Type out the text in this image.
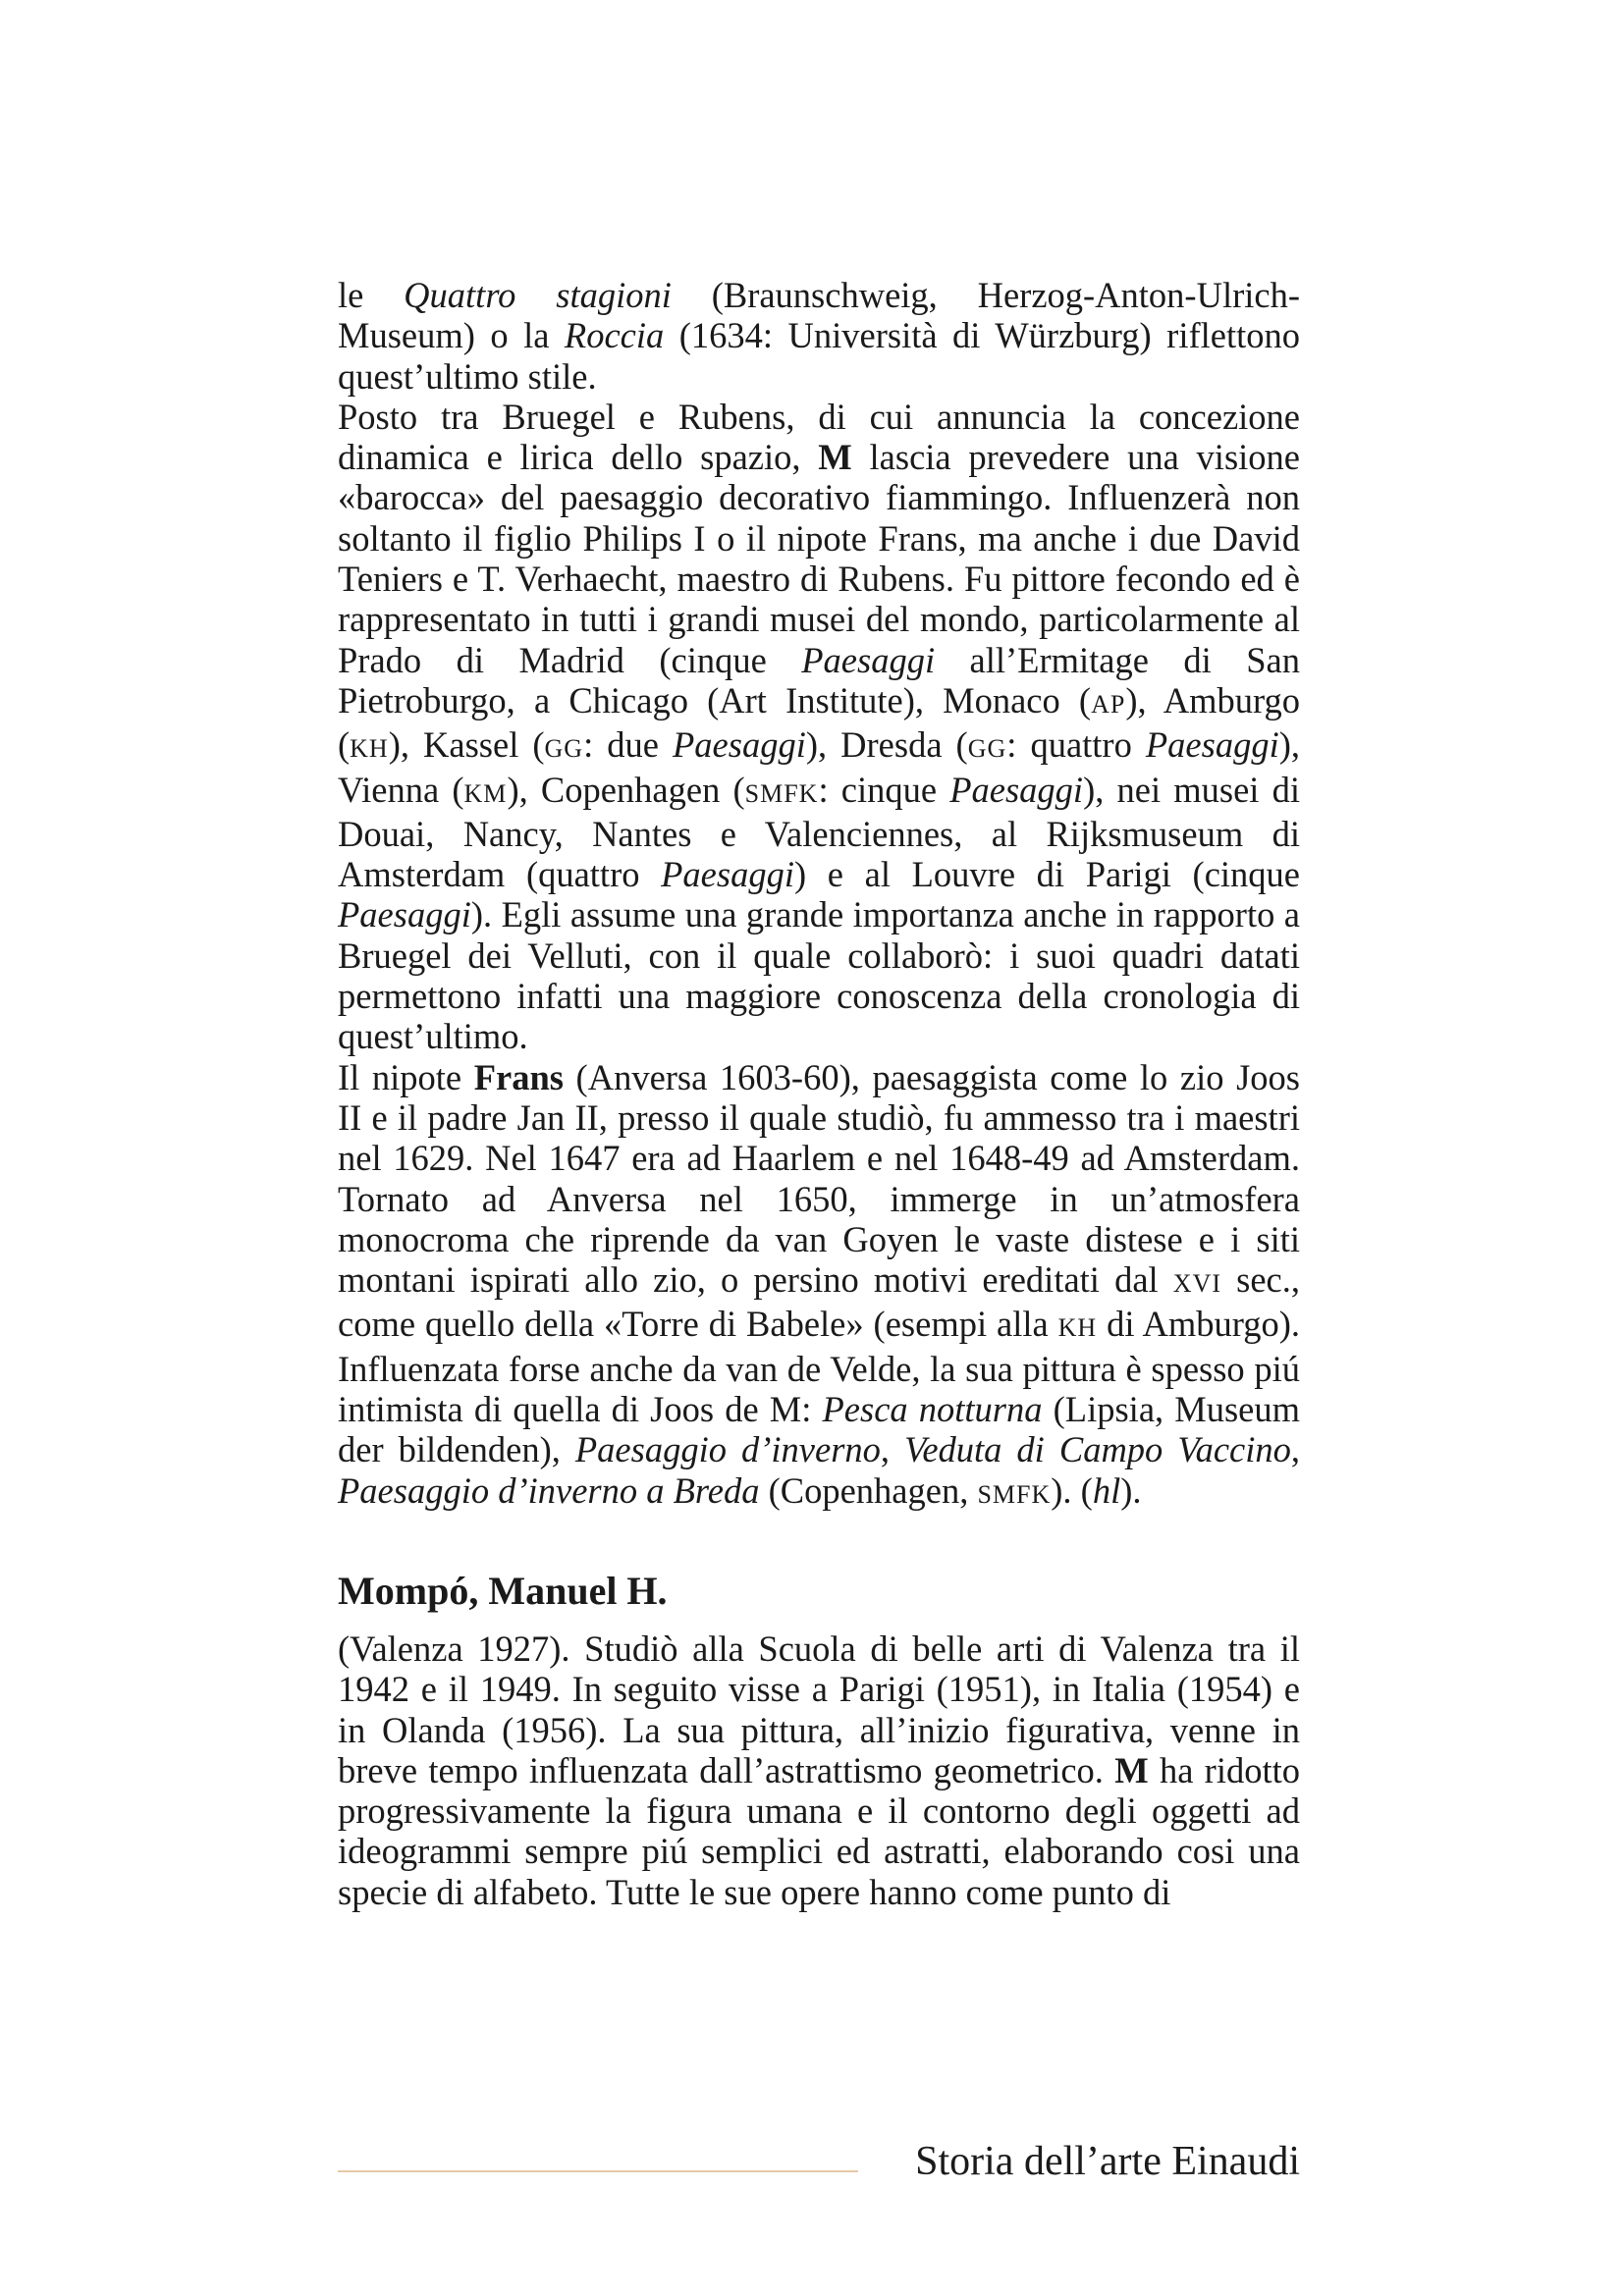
le Quattro stagioni (Braunschweig, Herzog-Anton-Ulrich-Museum) o la Roccia (1634: Università di Würzburg) riflettono quest’ultimo stile.

Posto tra Bruegel e Rubens, di cui annuncia la concezione dinamica e lirica dello spazio, M lascia prevedere una visione «barocca» del paesaggio decorativo fiammingo. Influenzerà non soltanto il figlio Philips I o il nipote Frans, ma anche i due David Teniers e T. Verhaecht, maestro di Rubens. Fu pittore fecondo ed è rappresentato in tutti i grandi musei del mondo, particolarmente al Prado di Madrid (cinque Paesaggi all’Ermitage di San Pietroburgo, a Chicago (Art Institute), Monaco (AP), Amburgo (KH), Kassel (GG: due Paesaggi), Dresda (GG: quattro Paesaggi), Vienna (KM), Copenhagen (SMFK: cinque Paesaggi), nei musei di Douai, Nancy, Nantes e Valenciennes, al Rijksmuseum di Amsterdam (quattro Paesaggi) e al Louvre di Parigi (cinque Paesaggi). Egli assume una grande importanza anche in rapporto a Bruegel dei Velluti, con il quale collaborò: i suoi quadri datati permettono infatti una maggiore conoscenza della cronologia di quest’ultimo.

Il nipote Frans (Anversa 1603-60), paesaggista come lo zio Joos II e il padre Jan II, presso il quale studiò, fu ammesso tra i maestri nel 1629. Nel 1647 era ad Haarlem e nel 1648-49 ad Amsterdam. Tornato ad Anversa nel 1650, immerge in un’atmosfera monocroma che riprende da van Goyen le vaste distese e i siti montani ispirati allo zio, o persino motivi ereditati dal XVI sec., come quello della «Torre di Babele» (esempi alla KH di Amburgo). Influenzata forse anche da van de Velde, la sua pittura è spesso piú intimista di quella di Joos de M: Pesca notturna (Lipsia, Museum der bildenden), Paesaggio d’inverno, Veduta di Campo Vaccino, Paesaggio d’inverno a Breda (Copenhagen, SMFK). (hl).

Mompó, Manuel H.

(Valenza 1927). Studiò alla Scuola di belle arti di Valenza tra il 1942 e il 1949. In seguito visse a Parigi (1951), in Italia (1954) e in Olanda (1956). La sua pittura, all’inizio figurativa, venne in breve tempo influenzata dall’astrattismo geometrico. M ha ridotto progressivamente la figura umana e il contorno degli oggetti ad ideogrammi sempre piú semplici ed astratti, elaborando cosi una specie di alfabeto. Tutte le sue opere hanno come punto di

Storia dell’arte Einaudi
